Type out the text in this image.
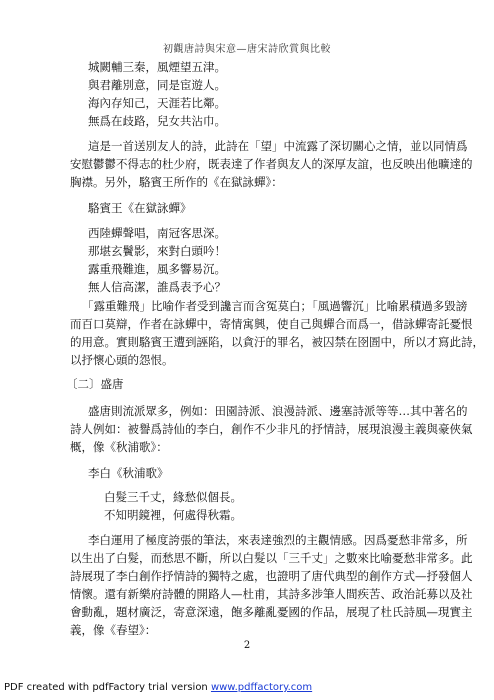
初觀唐詩與宋意—唐宋詩欣賞與比較
城闕輔三秦，風煙望五津。
與君離別意，同是宦遊人。
海內存知己，天涯若比鄰。
無爲在歧路，兒女共沾巾。
這是一首送別友人的詩，此詩在「望」中流露了深切關心之情，並以同情爲
安慰鬱鬱不得志的杜少府，既表達了作者與友人的深厚友誼，也反映出他曠達的
胸襟。另外，駱賓王所作的《在獄詠蟬》：
駱賓王《在獄詠蟬》
西陸蟬聲唱，南冠客思深。
那堪玄鬢影，來對白頭吟！
露重飛難進，風多響易沉。
無人信高潔，誰爲表予心？
「露重難飛」比喻作者受到讒言而含冤莫白；「風過響沉」比喻累積過多毀謗
而百口莫辯，作者在詠蟬中，寄情寓興，使自己與蟬合而爲一，借詠蟬寄託憂恨
的用意。實則駱賓王遭到誣陷，以貪汙的罪名，被囚禁在囹圄中，所以才寫此詩，
以抒懷心頭的怨恨。
〔二〕盛唐
盛唐則流派眾多，例如：田園詩派、浪漫詩派、邊塞詩派等等…其中著名的
詩人例如：被譽爲詩仙的李白，創作不少非凡的抒情詩，展現浪漫主義與豪俠氣
概，像《秋浦歌》：
李白《秋浦歌》
白髮三千丈，緣愁似個長。
不知明鏡裡，何處得秋霜。
李白運用了極度誇張的筆法，來表達強烈的主觀情感。因爲憂愁非常多，所
以生出了白髮，而愁思不斷，所以白髮以「三千丈」之數來比喻憂愁非常多。此
詩展現了李白創作抒情詩的獨特之處，也證明了唐代典型的創作方式—抒發個人
情懷。還有新樂府詩體的開路人—杜甫，其詩多涉筆人間疾苦、政治託募以及社
會動亂，題材廣泛，寄意深遠，飽多離亂憂國的作品，展現了杜氏詩風—現實主
義，像《春望》：
2
PDF created with pdfFactory trial version www.pdffactory.com
